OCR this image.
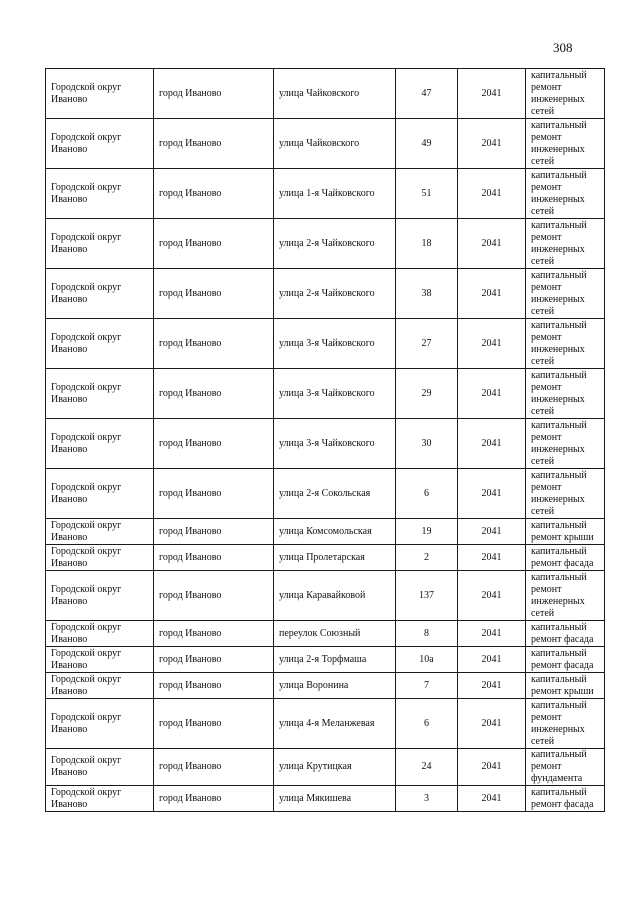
308
Городской округ Иваново	город Иваново	улица Чайковского	47	2041	капитальный ремонт инженерных сетей
Городской округ Иваново	город Иваново	улица Чайковского	49	2041	капитальный ремонт инженерных сетей
Городской округ Иваново	город Иваново	улица 1-я Чайковского	51	2041	капитальный ремонт инженерных сетей
Городской округ Иваново	город Иваново	улица 2-я Чайковского	18	2041	капитальный ремонт инженерных сетей
Городской округ Иваново	город Иваново	улица 2-я Чайковского	38	2041	капитальный ремонт инженерных сетей
Городской округ Иваново	город Иваново	улица 3-я Чайковского	27	2041	капитальный ремонт инженерных сетей
Городской округ Иваново	город Иваново	улица 3-я Чайковского	29	2041	капитальный ремонт инженерных сетей
Городской округ Иваново	город Иваново	улица 3-я Чайковского	30	2041	капитальный ремонт инженерных сетей
Городской округ Иваново	город Иваново	улица 2-я Сокольская	6	2041	капитальный ремонт инженерных сетей
Городской округ Иваново	город Иваново	улица Комсомольская	19	2041	капитальный ремонт крыши
Городской округ Иваново	город Иваново	улица Пролетарская	2	2041	капитальный ремонт фасада
Городской округ Иваново	город Иваново	улица Каравайковой	137	2041	капитальный ремонт инженерных сетей
Городской округ Иваново	город Иваново	переулок Союзный	8	2041	капитальный ремонт фасада
Городской округ Иваново	город Иваново	улица 2-я Торфмаша	10а	2041	капитальный ремонт фасада
Городской округ Иваново	город Иваново	улица Воронина	7	2041	капитальный ремонт крыши
Городской округ Иваново	город Иваново	улица 4-я Меланжевая	6	2041	капитальный ремонт инженерных сетей
Городской округ Иваново	город Иваново	улица Крутицкая	24	2041	капитальный ремонт фундамента
Городской округ Иваново	город Иваново	улица Мякишева	3	2041	капитальный ремонт фасада
